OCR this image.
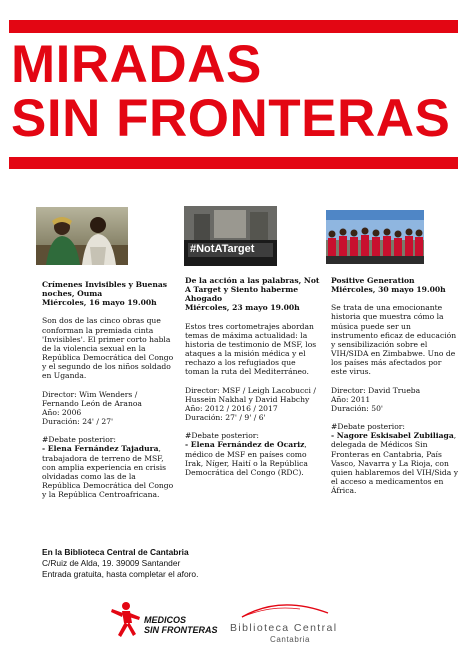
MIRADAS
SIN FRONTERAS
#NotATarget

Crímenes Invisibles y Buenas noches, Ouma
Miércoles, 16 mayo 19.00h

Son dos de las cinco obras que conforman la premiada cinta 'Invisibles'. El primer corto habla de la violencia sexual en la República Democrática del Congo y el segundo de los niños soldado en Uganda.

Director: Wim Wenders / Fernando León de Aranoa
Año: 2006
Duración: 24' / 27'

#Debate posterior:
- Elena Fernández Tajadura, trabajadora de terreno de MSF, con amplia experiencia en crisis olvidadas como las de la República Democrática del Congo y la República Centroafricana.

De la acción a las palabras, Not A Target y Siento haberme Ahogado
Miércoles, 23 mayo 19.00h

Estos tres cortometrajes abordan temas de máxima actualidad: la historia de testimonio de MSF, los ataques a la misión médica y el rechazo a los refugiados que toman la ruta del Mediterráneo.

Director: MSF / Leigh Lacobucci / Hussein Nakhal y David Habchy
Año: 2012 / 2016 / 2017
Duración: 27' / 9' / 6'

#Debate posterior:
- Elena Fernández de Ocariz, médico de MSF en países como Irak, Níger, Haití o la República Democrática del Congo (RDC).

Positive Generation
Miércoles, 30 mayo 19.00h

Se trata de una emocionante historia que muestra cómo la música puede ser un instrumento eficaz de educación y sensibilización sobre el VIH/SIDA en Zimbabwe. Uno de los países más afectados por este virus.

Director: David Trueba
Año: 2011
Duración: 50'

#Debate posterior:
- Nagore Eskisabel Zubiliaga, delegada de Médicos Sin Fronteras en Cantabria, País Vasco, Navarra y La Rioja, con quien hablaremos del VIH/Sida y el acceso a medicamentos en África.

En la Biblioteca Central de Cantabria
C/Ruiz de Alda, 19. 39009 Santander
Entrada gratuita, hasta completar el aforo.
MEDICOS
SIN FRONTERAS Biblioteca Central
Cantabria
